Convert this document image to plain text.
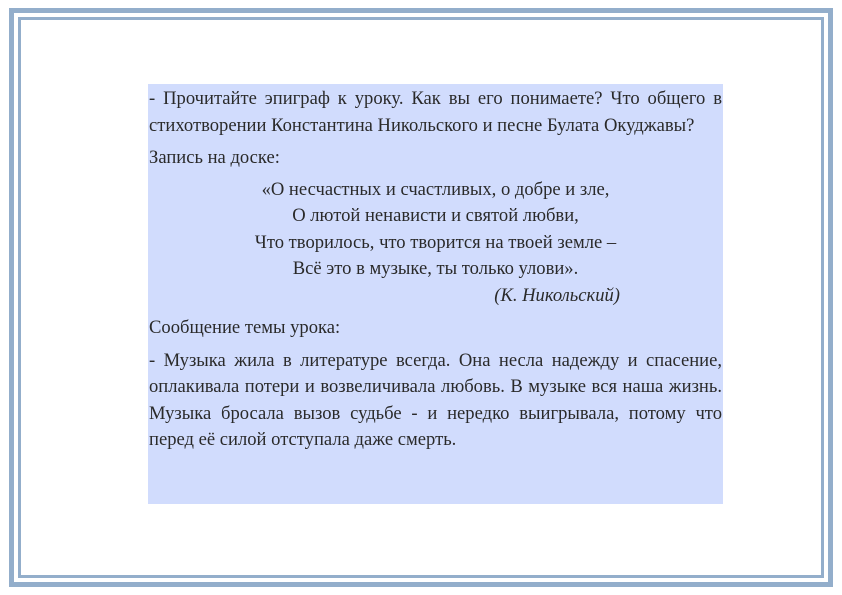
- Прочитайте эпиграф к уроку. Как вы его понимаете? Что общего в стихотворении Константина Никольского и песне Булата Окуджавы?

Запись на доске:

«О несчастных и счастливых, о добре и зле,
О лютой ненависти и святой любви,
Что творилось, что творится на твоей земле –
Всё это в музыке, ты только улови».
(К. Никольский)

Сообщение темы урока:

- Музыка жила в литературе всегда. Она несла надежду и спасение, оплакивала потери и возвеличивала любовь. В музыке вся наша жизнь. Музыка бросала вызов судьбе - и нередко выигрывала, потому что перед её силой отступала даже смерть.
